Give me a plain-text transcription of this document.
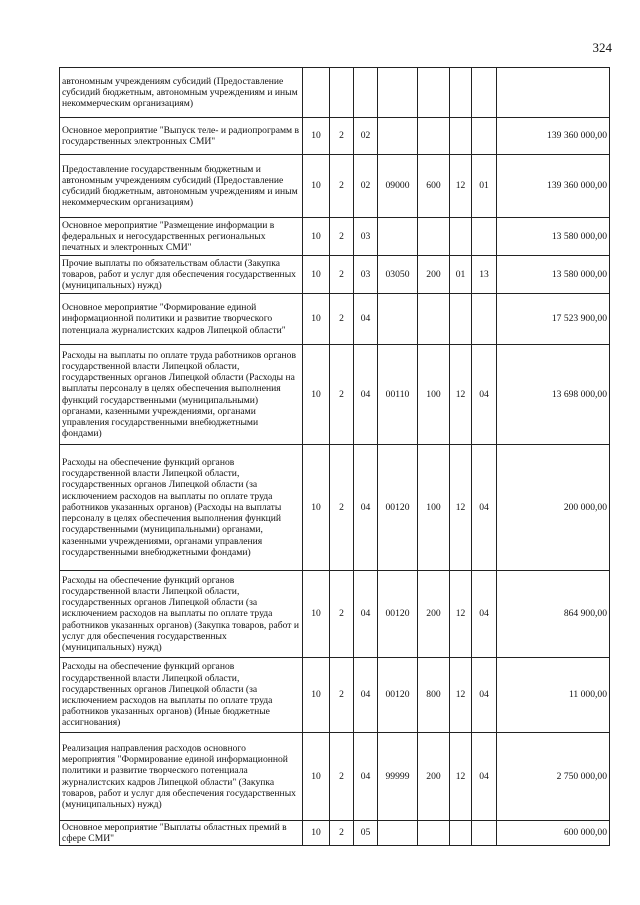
324
автономным учреждениям субсидий (Предоставление субсидий бюджетным, автономным учреждениям и иным некоммерческим организациям)								
Основное мероприятие "Выпуск теле- и радиопрограмм в государственных электронных СМИ"	10	2	02					139 360 000,00
Предоставление государственным бюджетным и автономным учреждениям субсидий (Предоставление субсидий бюджетным, автономным учреждениям и иным некоммерческим организациям)	10	2	02	09000	600	12	01	139 360 000,00
Основное мероприятие "Размещение информации в федеральных и негосударственных региональных печатных и электронных СМИ"	10	2	03					13 580 000,00
Прочие выплаты по обязательствам области (Закупка товаров, работ и услуг для обеспечения государственных (муниципальных) нужд)	10	2	03	03050	200	01	13	13 580 000,00
Основное мероприятие "Формирование единой информационной политики и развитие творческого потенциала журналистских кадров Липецкой области"	10	2	04					17 523 900,00
Расходы на выплаты по оплате труда работников органов государственной власти Липецкой области, государственных органов Липецкой области (Расходы на выплаты персоналу в целях обеспечения выполнения функций государственными (муниципальными) органами, казенными учреждениями, органами управления государственными внебюджетными фондами)	10	2	04	00110	100	12	04	13 698 000,00
Расходы на обеспечение функций органов государственной власти Липецкой области, государственных органов Липецкой области (за исключением расходов на выплаты по оплате труда работников указанных органов) (Расходы на выплаты персоналу в целях обеспечения выполнения функций государственными (муниципальными) органами, казенными учреждениями, органами управления государственными внебюджетными фондами)	10	2	04	00120	100	12	04	200 000,00
Расходы на обеспечение функций органов государственной власти Липецкой области, государственных органов Липецкой области (за исключением расходов на выплаты по оплате труда работников указанных органов) (Закупка товаров, работ и услуг для обеспечения государственных (муниципальных) нужд)	10	2	04	00120	200	12	04	864 900,00
Расходы на обеспечение функций органов государственной власти Липецкой области, государственных органов Липецкой области (за исключением расходов на выплаты по оплате труда работников указанных органов) (Иные бюджетные ассигнования)	10	2	04	00120	800	12	04	11 000,00
Реализация направления расходов основного мероприятия "Формирование единой информационной политики и развитие творческого потенциала журналистских кадров Липецкой области" (Закупка товаров, работ и услуг для обеспечения государственных (муниципальных) нужд)	10	2	04	99999	200	12	04	2 750 000,00
Основное мероприятие "Выплаты областных премий в сфере СМИ"	10	2	05					600 000,00
